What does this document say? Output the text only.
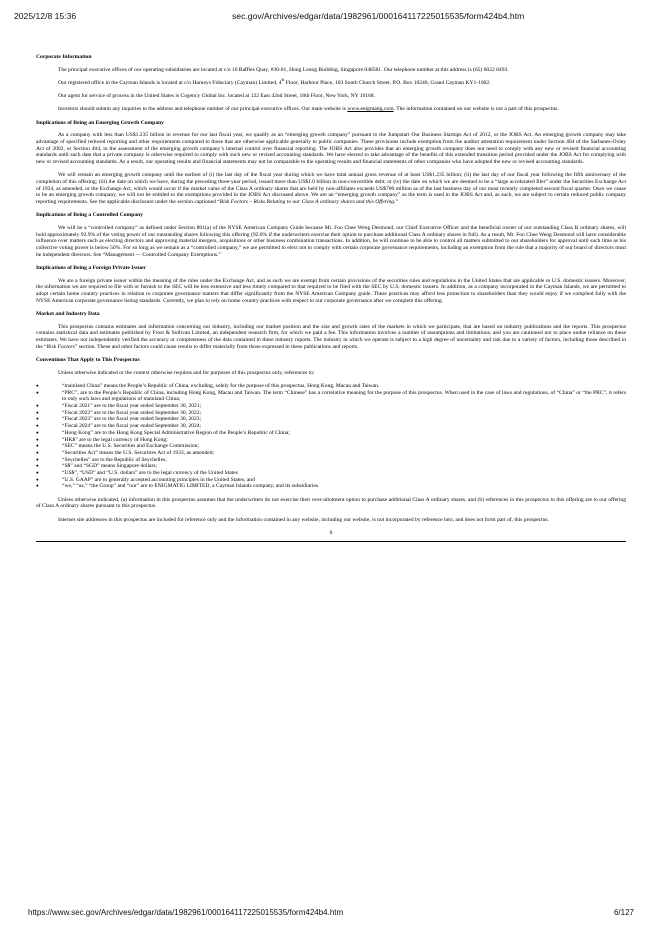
2025/12/8 15:36	sec.gov/Archives/edgar/data/1982961/000164117225015535/form424b4.htm
Corporate Information

The principal executive offices of our operating subsidiaries are located at c/o 16 Raffles Quay, #30-01, Hong Leong Building, Singapore 048581. Our telephone number at this address is (65) 6022 0493.

Our registered office in the Cayman Islands is located at c/o Harneys Fiduciary (Cayman) Limited, 4th Floor, Harbour Place, 103 South Church Street, P.O. Box 10240, Grand Cayman KY1-1002.

Our agent for service of process in the United States is Cogency Global Inc. located at 122 East 42nd Street, 18th Floor, New York, NY 10168.

Investors should submit any inquiries to the address and telephone number of our principal executive offices. Our main website is www.enigmatig.com. The information contained on our website is not a part of this prospectus.

Implications of Being an Emerging Growth Company

As a company with less than US$1.235 billion in revenue for our last fiscal year, we qualify as an “emerging growth company” pursuant to the Jumpstart Our Business Startups Act of 2012, or the JOBS Act. An emerging growth company may take advantage of specified reduced reporting and other requirements compared to those that are otherwise applicable generally to public companies. These provisions include exemption from the auditor attestation requirement under Section 404 of the Sarbanes-Oxley Act of 2002, or Section 404, in the assessment of the emerging growth company’s internal control over financial reporting. The JOBS Act also provides that an emerging growth company does not need to comply with any new or revised financial accounting standards until such date that a private company is otherwise required to comply with such new or revised accounting standards. We have elected to take advantage of the benefits of this extended transition period provided under the JOBS Act for complying with new or revised accounting standards. As a result, our operating results and financial statements may not be comparable to the operating results and financial statements of other companies who have adopted the new or revised accounting standards.

We will remain an emerging growth company until the earliest of (i) the last day of the fiscal year during which we have total annual gross revenue of at least US$1.235 billion; (ii) the last day of our fiscal year following the fifth anniversary of the completion of this offering; (iii) the date on which we have, during the preceding three-year period, issued more than US$1.0 billion in non-convertible debt; or (iv) the date on which we are deemed to be a “large accelerated filer” under the Securities Exchange Act of 1934, as amended, or the Exchange Act, which would occur if the market value of the Class A ordinary shares that are held by non-affiliates exceeds US$700 million as of the last business day of our most recently completed second fiscal quarter. Once we cease to be an emerging growth company, we will not be entitled to the exemptions provided in the JOBS Act discussed above. We are an “emerging growth company” as the term is used in the JOBS Act and, as such, we are subject to certain reduced public company reporting requirements. See the applicable disclosure under the section captioned “Risk Factors – Risks Relating to our Class A ordinary shares and this Offering.”

Implications of Being a Controlled Company

We will be a “controlled company” as defined under Section 801(a) of the NYSE American Company Guide because Mr. Foo Chee Weng Desmond, our Chief Executive Officer and the beneficial owner of our outstanding Class B ordinary shares, will hold approximately 92.9% of the voting power of our outstanding shares following this offering (92.6% if the underwriters exercise their option to purchase additional Class A ordinary shares in full). As a result, Mr. Foo Chee Weng Desmond will have considerable influence over matters such as electing directors and approving material mergers, acquisitions or other business combination transactions. In addition, he will continue to be able to control all matters submitted to our shareholders for approval until such time as his collective voting power is below 50%. For so long as we remain as a “controlled company,” we are permitted to elect not to comply with certain corporate governance requirements, including an exemption from the rule that a majority of our board of directors must be independent directors. See “Management — Controlled Company Exemptions.”

Implications of Being a Foreign Private Issuer

We are a foreign private issuer within the meaning of the rules under the Exchange Act, and as such we are exempt from certain provisions of the securities rules and regulations in the United States that are applicable to U.S. domestic issuers. Moreover, the information we are required to file with or furnish to the SEC will be less extensive and less timely compared to that required to be filed with the SEC by U.S. domestic issuers. In addition, as a company incorporated in the Cayman Islands, we are permitted to adopt certain home country practices in relation to corporate governance matters that differ significantly from the NYSE American Company guide. These practices may afford less protection to shareholders than they would enjoy if we complied fully with the NYSE American corporate governance listing standards. Currently, we plan to rely on home country practices with respect to our corporate governance after we complete this offering.

Market and Industry Data

This prospectus contains estimates and information concerning our industry, including our market position and the size and growth rates of the markets in which we participate, that are based on industry publications and the reports. This prospectus contains statistical data and estimates published by Frost & Sullivan Limited, an independent research firm, for which we paid a fee. This information involves a number of assumptions and limitations, and you are cautioned not to place undue reliance on these estimates. We have not independently verified the accuracy or completeness of the data contained in these industry reports. The industry in which we operate is subject to a high degree of uncertainty and risk due to a variety of factors, including those described in the “Risk Factors” section. These and other factors could cause results to differ materially from those expressed in these publications and reports.

Conventions That Apply to This Prospectus

Unless otherwise indicated or the context otherwise requires and for purposes of this prospectus only, references to:

● “mainland China” means the People’s Republic of China, excluding, solely for the purpose of this prospectus, Hong Kong, Macau and Taiwan.
● “PRC”, are to the People’s Republic of China, including Hong Kong, Macau and Taiwan. The term “Chinese” has a correlative meaning for the purpose of this prospectus. When used in the case of laws and regulations, of “China” or “the PRC”, it refers to only such laws and regulations of mainland China;
● “Fiscal 2021” are to the fiscal year ended September 30, 2021;
● “Fiscal 2022” are to the fiscal year ended September 30, 2022;
● “Fiscal 2023” are to the fiscal year ended September 30, 2023;
● “Fiscal 2024” are to the fiscal year ended September 30, 2024;
● “Hong Kong” are to the Hong Kong Special Administrative Region of the People’s Republic of China;
● “HK$” are to the legal currency of Hong Kong;
● “SEC” means the U.S. Securities and Exchange Commission;
● “Securities Act” means the U.S. Securities Act of 1933, as amended;
● “Seychelles” are to the Republic of Seychelles;
● “S$” and “SGD” means Singapore dollars;
● “US$”, “USD” and “U.S. dollars” are to the legal currency of the United States
● “U.S. GAAP” are to generally accepted accounting principles in the United States; and
● “we,” “us,” “the Group” and “our” are to ENIGMATIG LIMITED, a Cayman Islands company, and its subsidiaries.

Unless otherwise indicated, (a) information in this prospectus assumes that the underwriters do not exercise their over-allotment option to purchase additional Class A ordinary shares, and (b) references in this prospectus to this offering are to our offering of Class A ordinary shares pursuant to this prospectus.

Internet site addresses in this prospectus are included for reference only and the information contained in any website, including our website, is not incorporated by reference into, and does not form part of, this prospectus.

6
https://www.sec.gov/Archives/edgar/data/1982961/000164117225015535/form424b4.htm	6/127
